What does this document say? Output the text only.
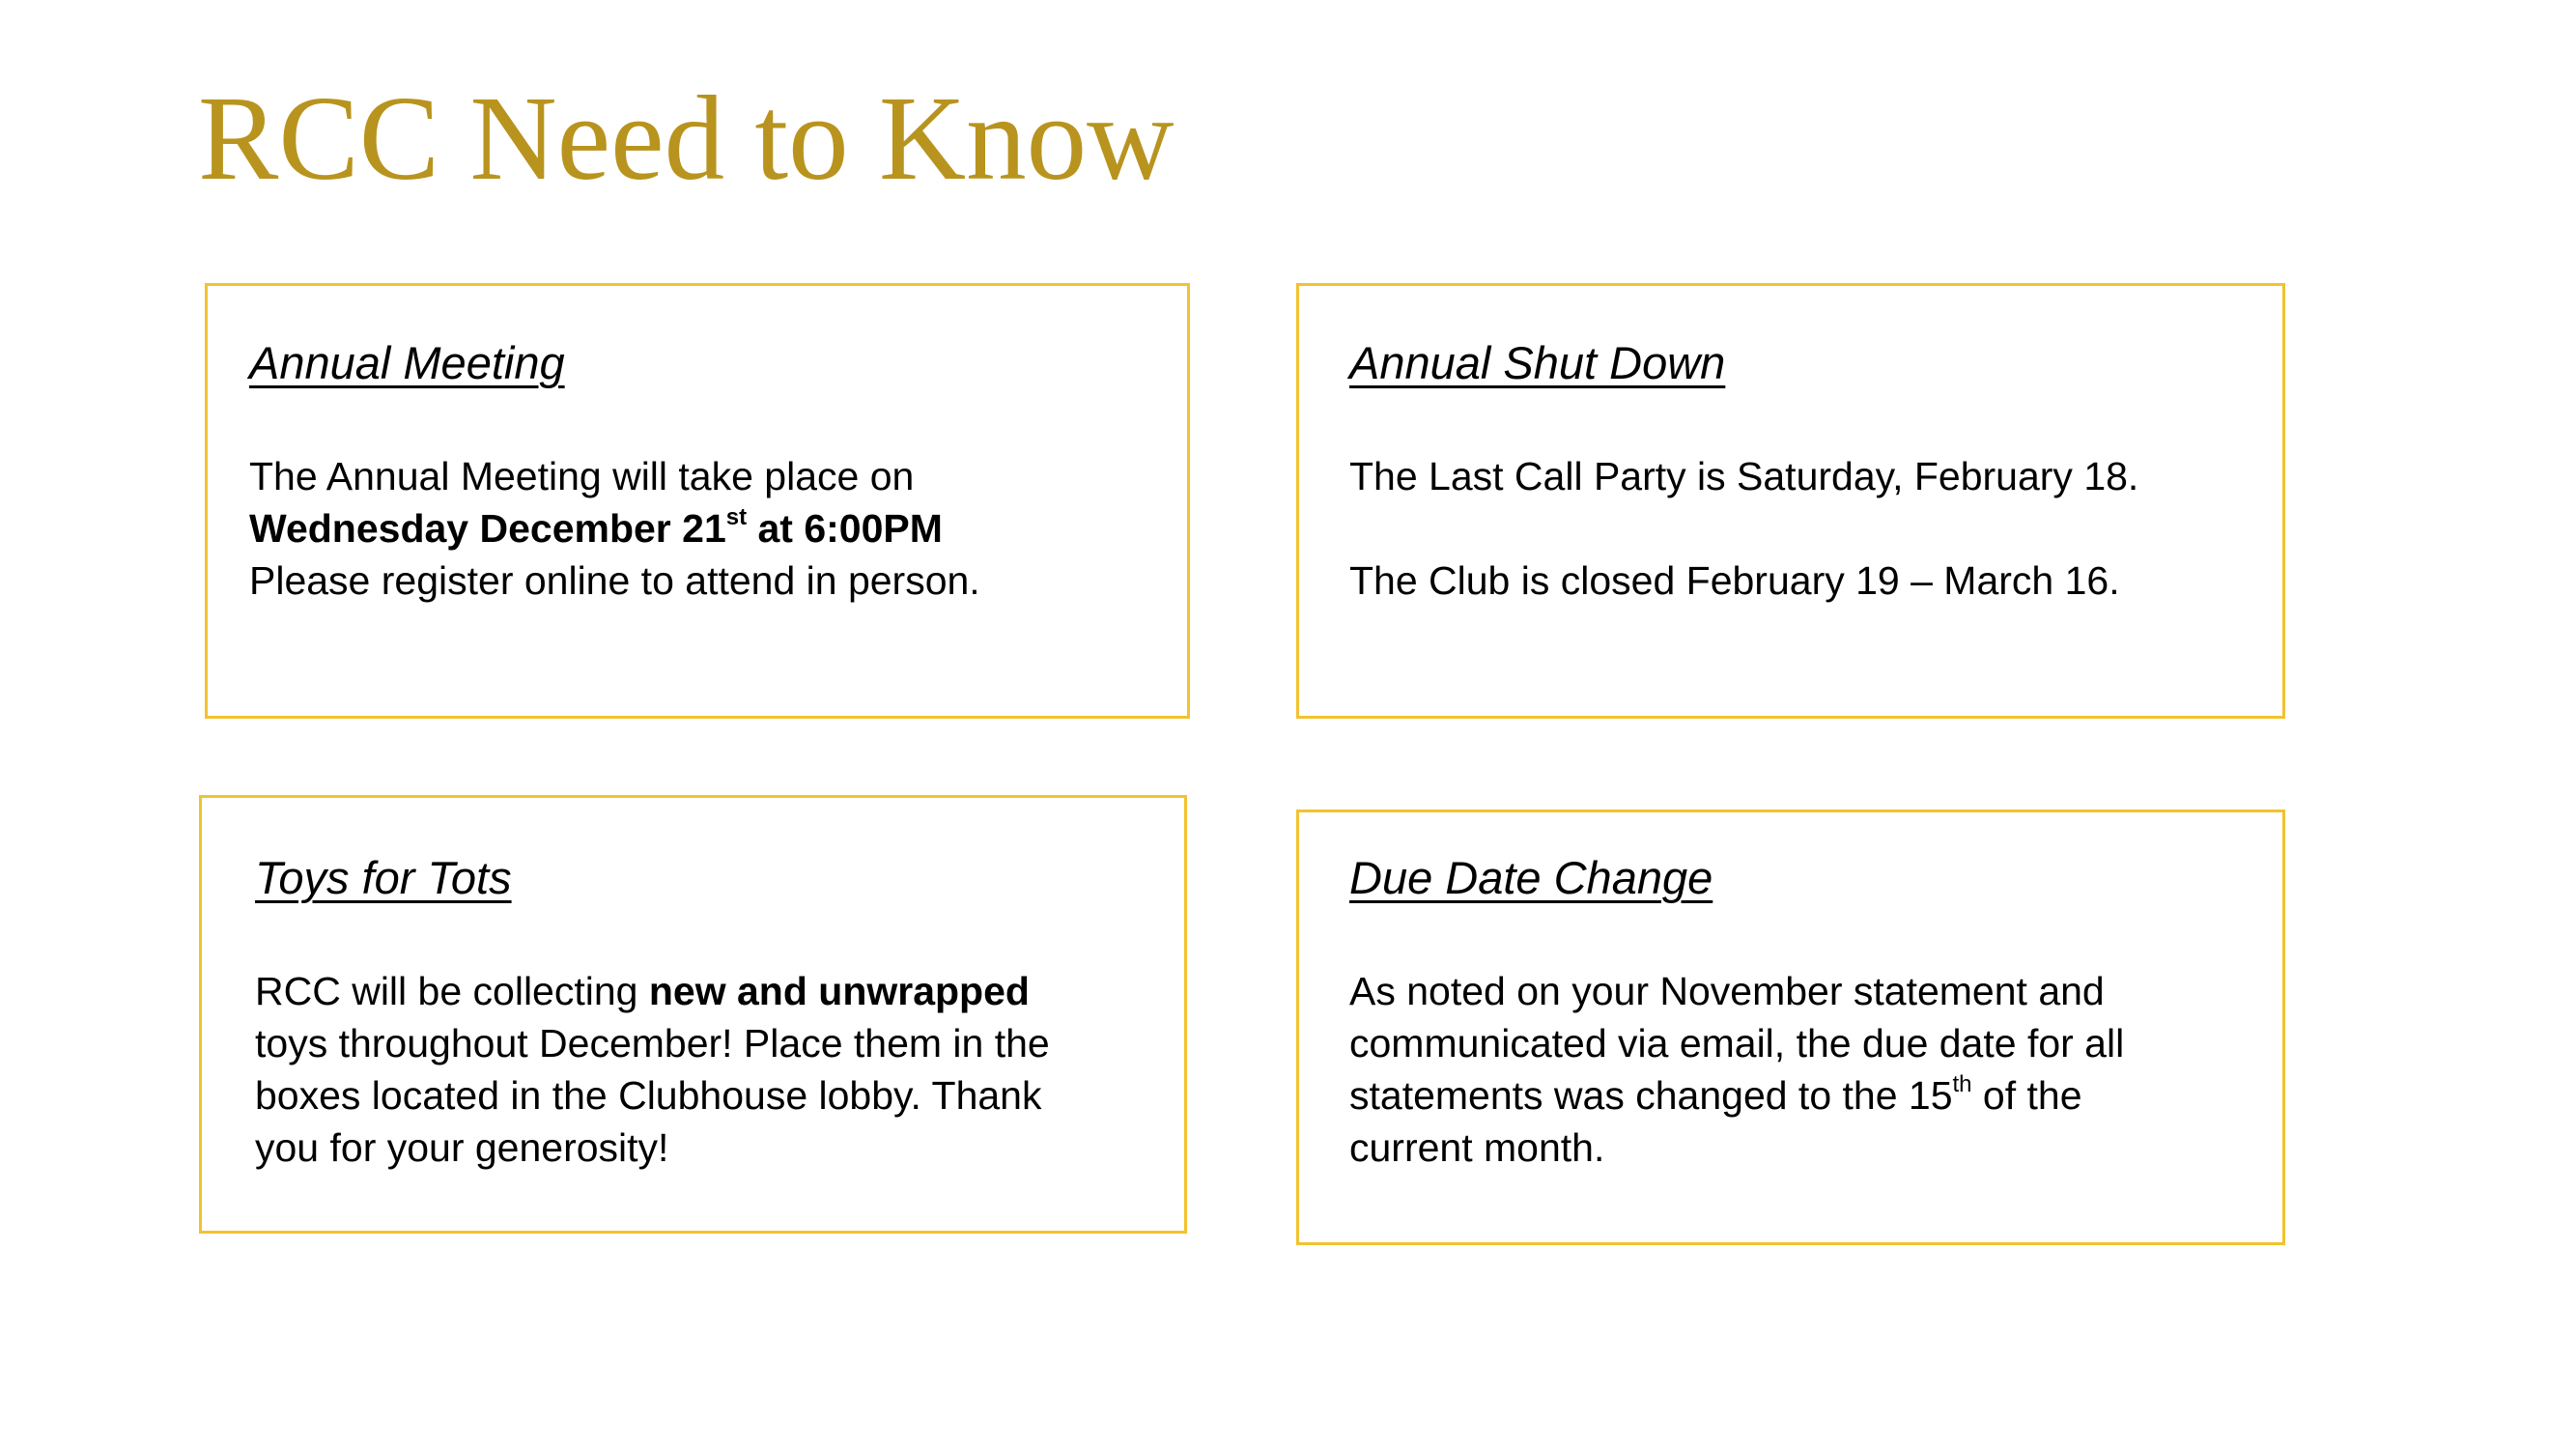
RCC Need to Know
Annual Meeting

The Annual Meeting will take place on

Wednesday December 21st at 6:00PM

Please register online to attend in person.

Annual Shut Down

The Last Call Party is Saturday, February 18.

The Club is closed February 19 – March 16.

Toys for Tots

RCC will be collecting new and unwrapped

toys throughout December! Place them in the

boxes located in the Clubhouse lobby. Thank

you for your generosity!

Due Date Change

As noted on your November statement and

communicated via email, the due date for all

statements was changed to the 15th of the

current month.
